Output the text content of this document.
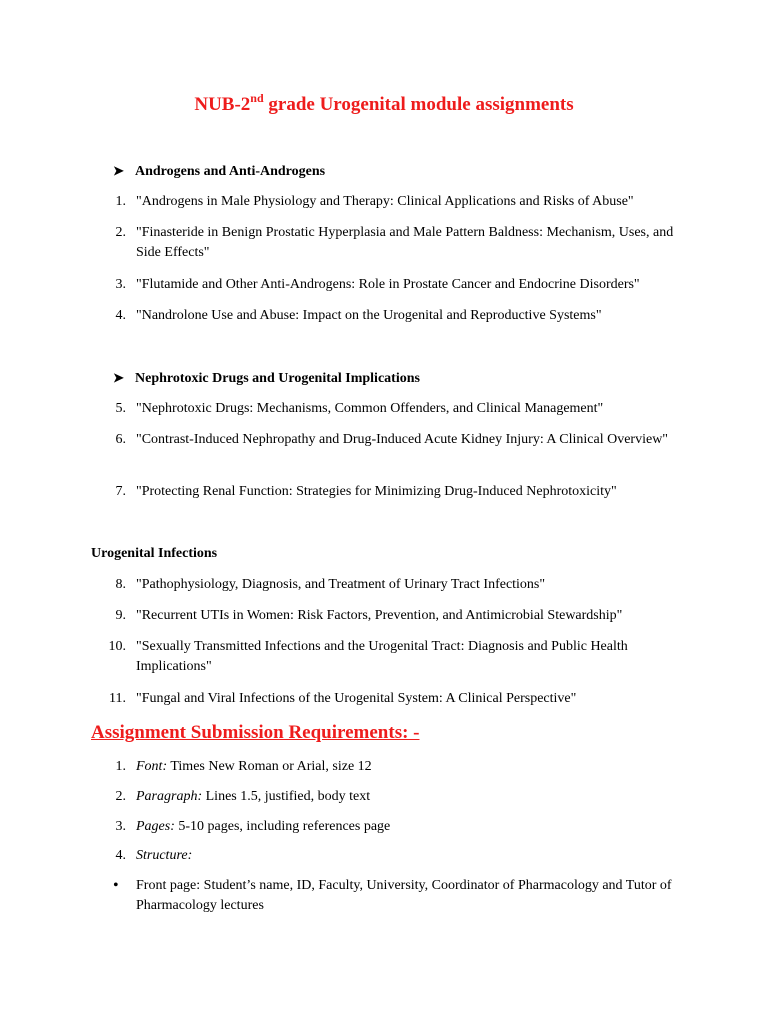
NUB-2nd grade Urogenital module assignments
➤ Androgens and Anti-Androgens
1. "Androgens in Male Physiology and Therapy: Clinical Applications and Risks of Abuse"
2. "Finasteride in Benign Prostatic Hyperplasia and Male Pattern Baldness: Mechanism, Uses, and Side Effects"
3. "Flutamide and Other Anti-Androgens: Role in Prostate Cancer and Endocrine Disorders"
4. "Nandrolone Use and Abuse: Impact on the Urogenital and Reproductive Systems"
➤ Nephrotoxic Drugs and Urogenital Implications
5. "Nephrotoxic Drugs: Mechanisms, Common Offenders, and Clinical Management"
6. "Contrast-Induced Nephropathy and Drug-Induced Acute Kidney Injury: A Clinical Overview"
7. "Protecting Renal Function: Strategies for Minimizing Drug-Induced Nephrotoxicity"
Urogenital Infections
8. "Pathophysiology, Diagnosis, and Treatment of Urinary Tract Infections"
9. "Recurrent UTIs in Women: Risk Factors, Prevention, and Antimicrobial Stewardship"
10. "Sexually Transmitted Infections and the Urogenital Tract: Diagnosis and Public Health Implications"
11. "Fungal and Viral Infections of the Urogenital System: A Clinical Perspective"
Assignment Submission Requirements: -
1. Font: Times New Roman or Arial, size 12
2. Paragraph: Lines 1.5, justified, body text
3. Pages: 5-10 pages, including references page
4. Structure:
• Front page: Student’s name, ID, Faculty, University, Coordinator of Pharmacology and Tutor of Pharmacology lectures
